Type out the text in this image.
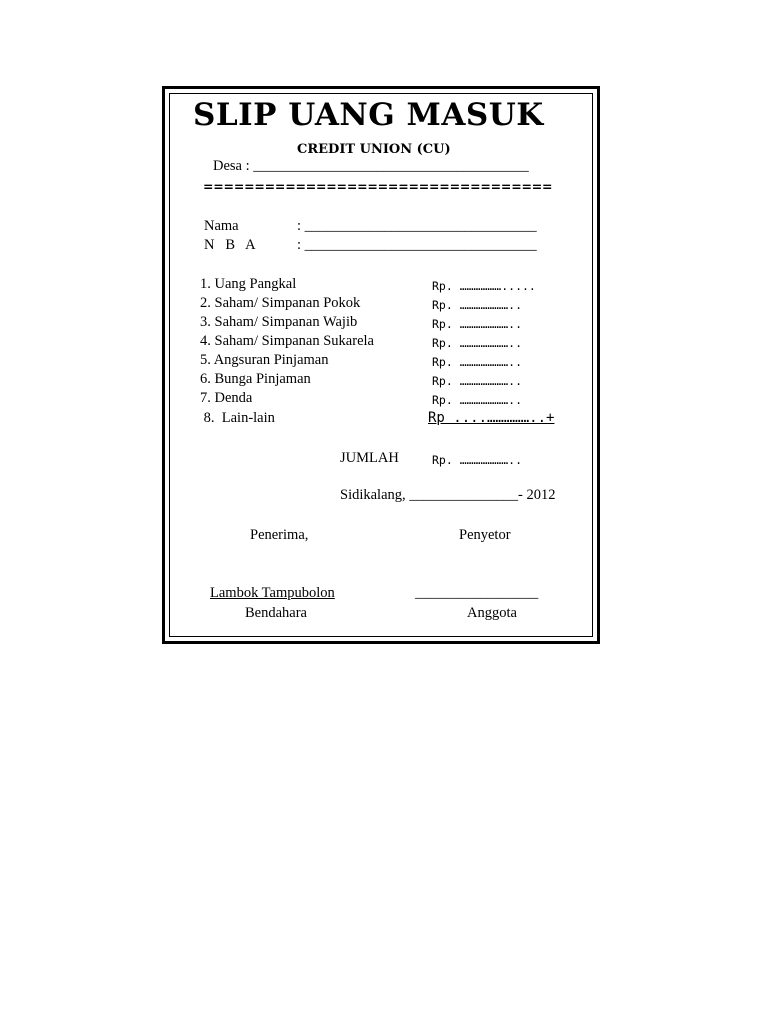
SLIP UANG MASUK
CREDIT UNION (CU)
Desa : ______________________________________
==================================
Nama	: ________________________________
N   B   A	: ________________________________
1. Uang Pangkal	Rp. ……………….....
2. Saham/ Simpanan Pokok	Rp. …………………..
3. Saham/ Simpanan Wajib	Rp. …………………..
4. Saham/ Simpanan Sukarela	Rp. …………………..
5. Angsuran Pinjaman	Rp. …………………..
6. Bunga Pinjaman	Rp. …………………..
7. Denda	Rp. …………………..
8.  Lain-lain	Rp ....……………..+
JUMLAH	Rp. …………………..
Sidikalang, _______________- 2012
Penerima,	Penyetor
Lambok Tampubolon	_________________
Bendahara	Anggota
